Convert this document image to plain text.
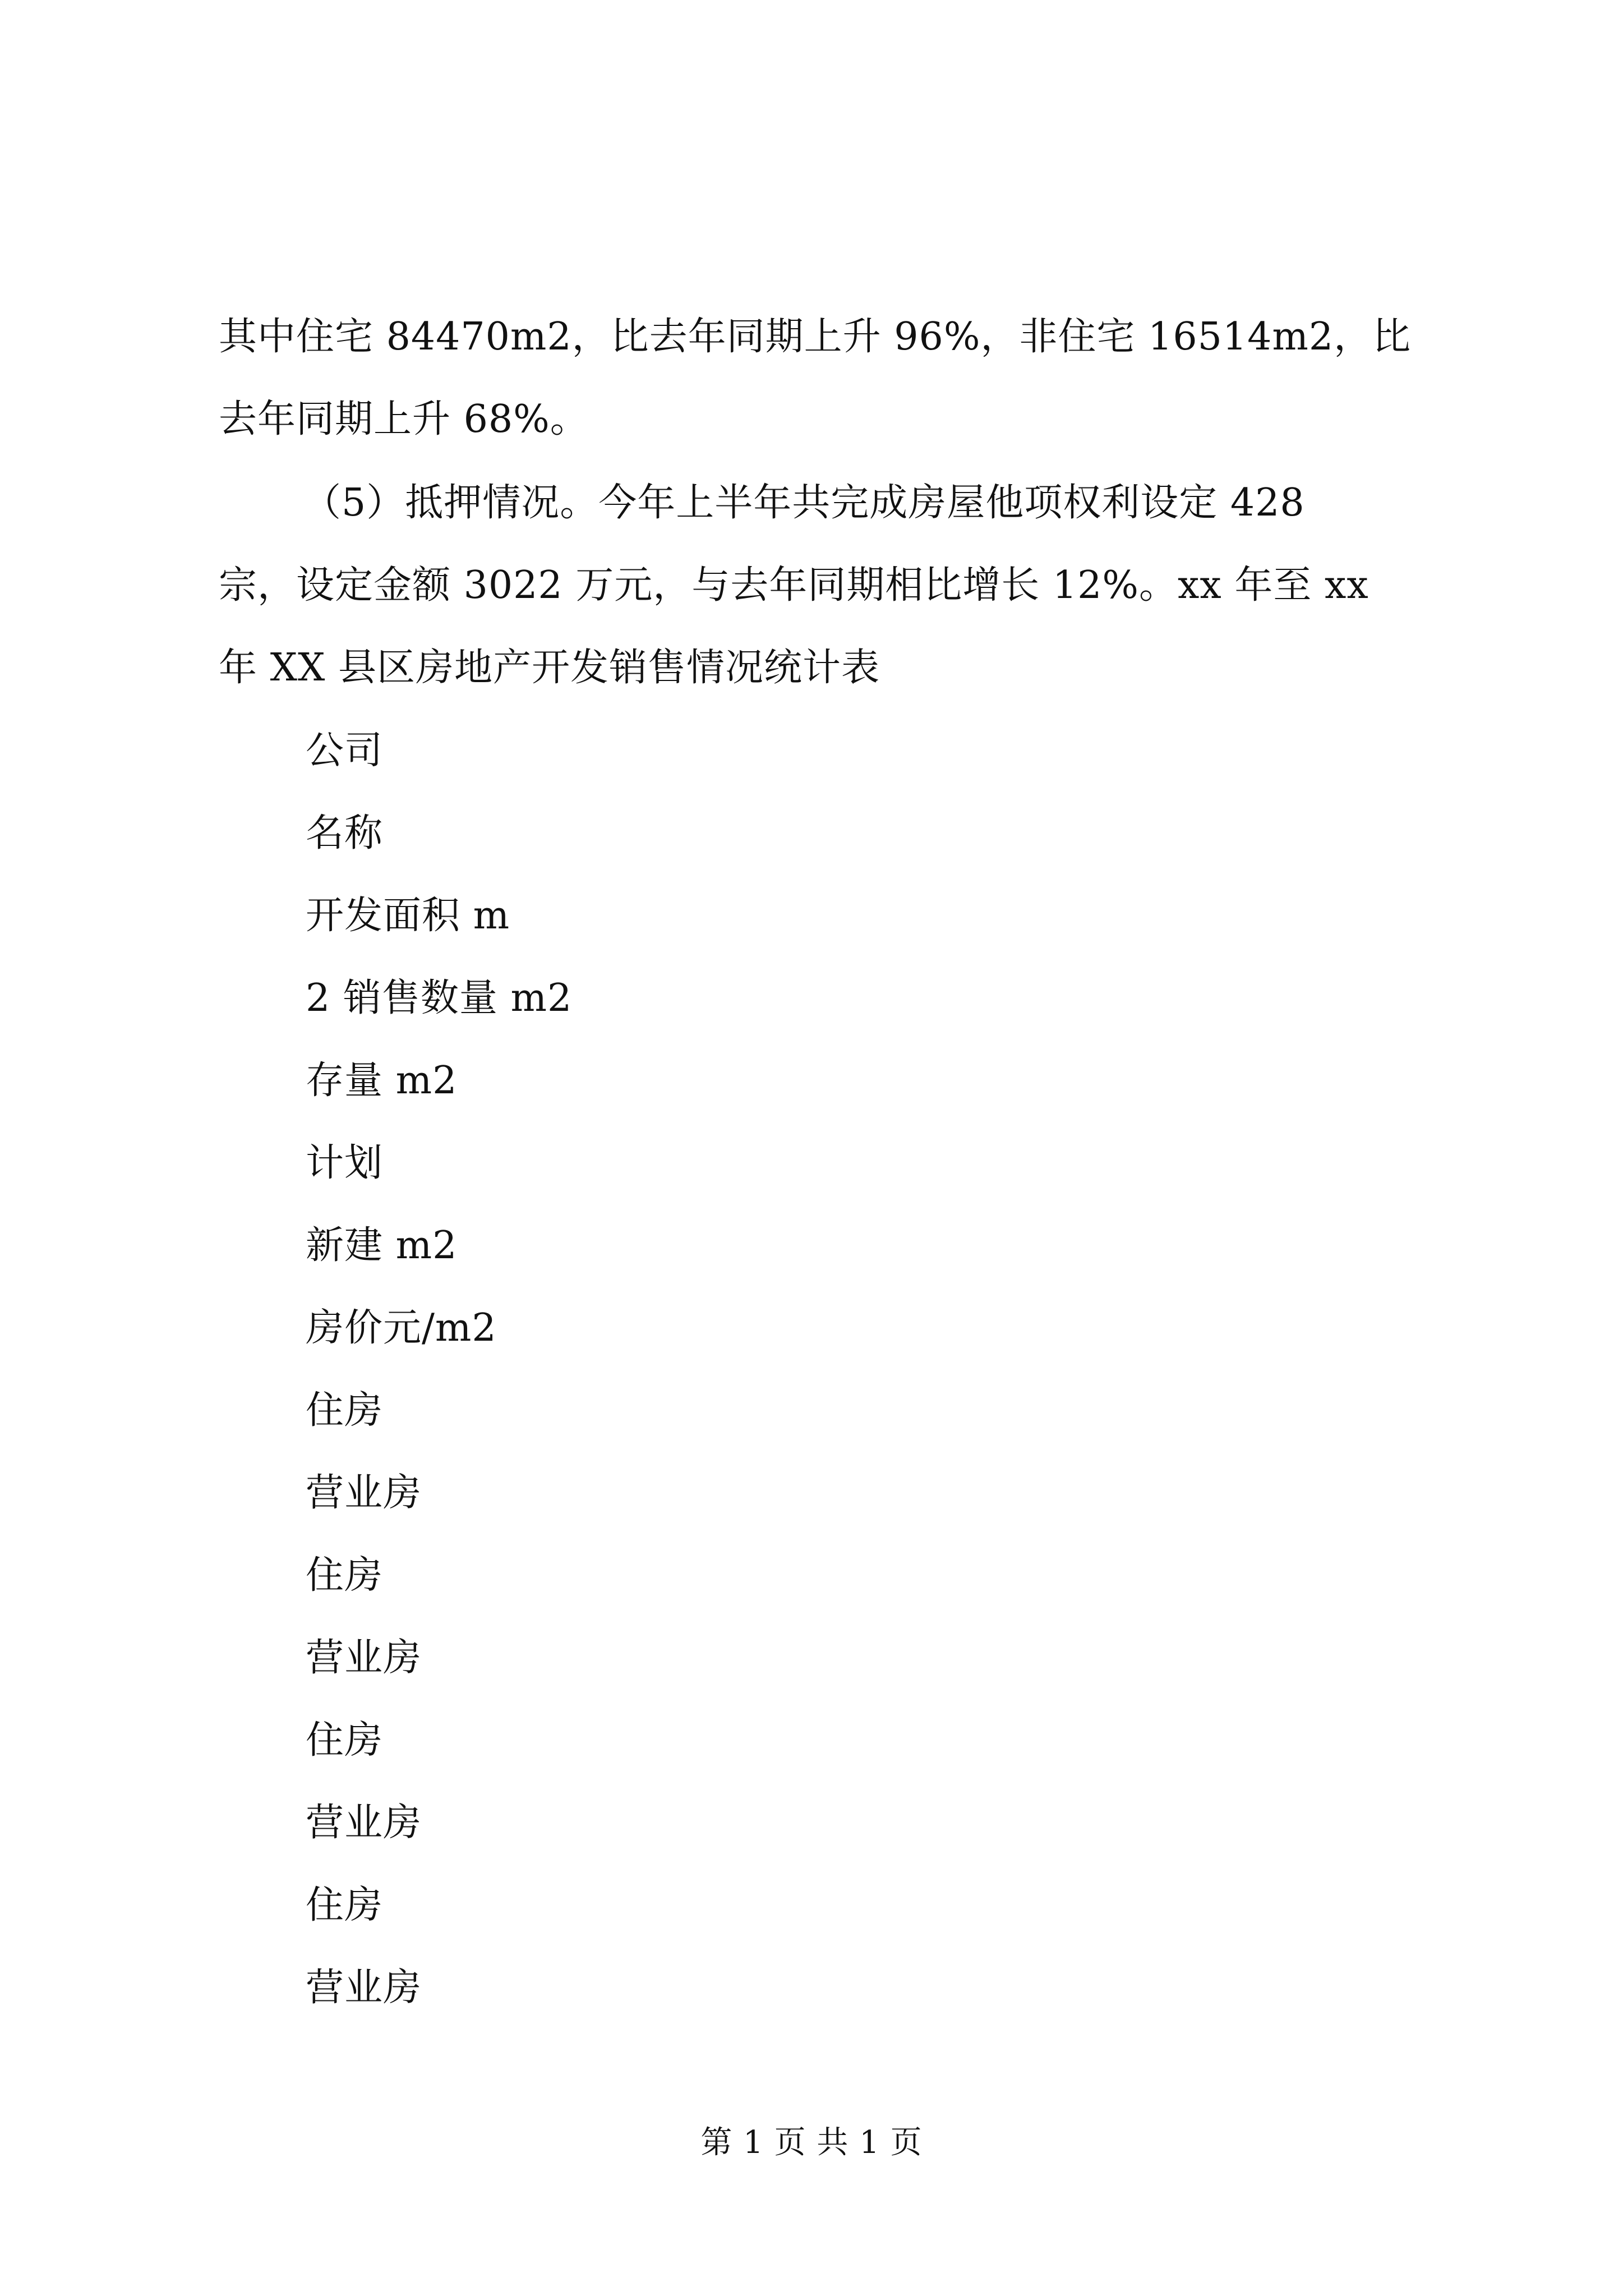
其中住宅 84470m2，比去年同期上升 96%，非住宅 16514m2，比
去年同期上升 68%。
（5）抵押情况。今年上半年共完成房屋他项权利设定 428
宗，设定金额 3022 万元，与去年同期相比增长 12%。xx 年至 xx
年 XX 县区房地产开发销售情况统计表
公司
名称
开发面积 m
2 销售数量 m2
存量 m2
计划
新建 m2
房价元/m2
住房
营业房
住房
营业房
住房
营业房
住房
营业房
第 1 页 共 1 页
